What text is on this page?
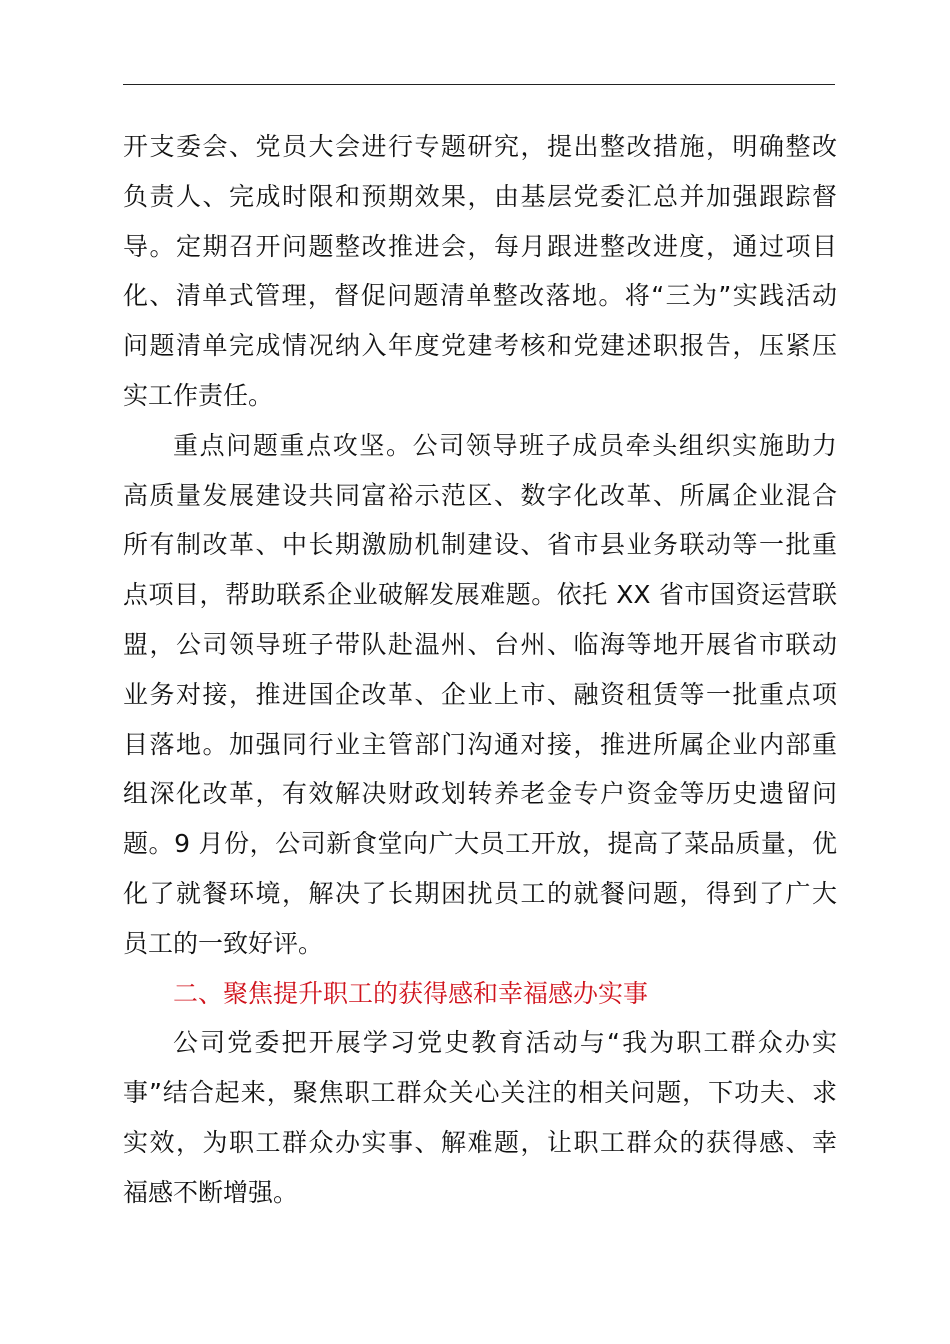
开支委会、党员大会进行专题研究，提出整改措施，明确整改
负责人、完成时限和预期效果，由基层党委汇总并加强跟踪督
导。定期召开问题整改推进会，每月跟进整改进度，通过项目
化、清单式管理，督促问题清单整改落地。将“三为”实践活动
问题清单完成情况纳入年度党建考核和党建述职报告，压紧压
实工作责任。
重点问题重点攻坚。公司领导班子成员牵头组织实施助力
高质量发展建设共同富裕示范区、数字化改革、所属企业混合
所有制改革、中长期激励机制建设、省市县业务联动等一批重
点项目，帮助联系企业破解发展难题。依托 XX 省市国资运营联
盟，公司领导班子带队赴温州、台州、临海等地开展省市联动
业务对接，推进国企改革、企业上市、融资租赁等一批重点项
目落地。加强同行业主管部门沟通对接，推进所属企业内部重
组深化改革，有效解决财政划转养老金专户资金等历史遗留问
题。9 月份，公司新食堂向广大员工开放，提高了菜品质量，优
化了就餐环境，解决了长期困扰员工的就餐问题，得到了广大
员工的一致好评。
二、聚焦提升职工的获得感和幸福感办实事
公司党委把开展学习党史教育活动与“我为职工群众办实
事”结合起来，聚焦职工群众关心关注的相关问题，下功夫、求
实效，为职工群众办实事、解难题，让职工群众的获得感、幸
福感不断增强。
